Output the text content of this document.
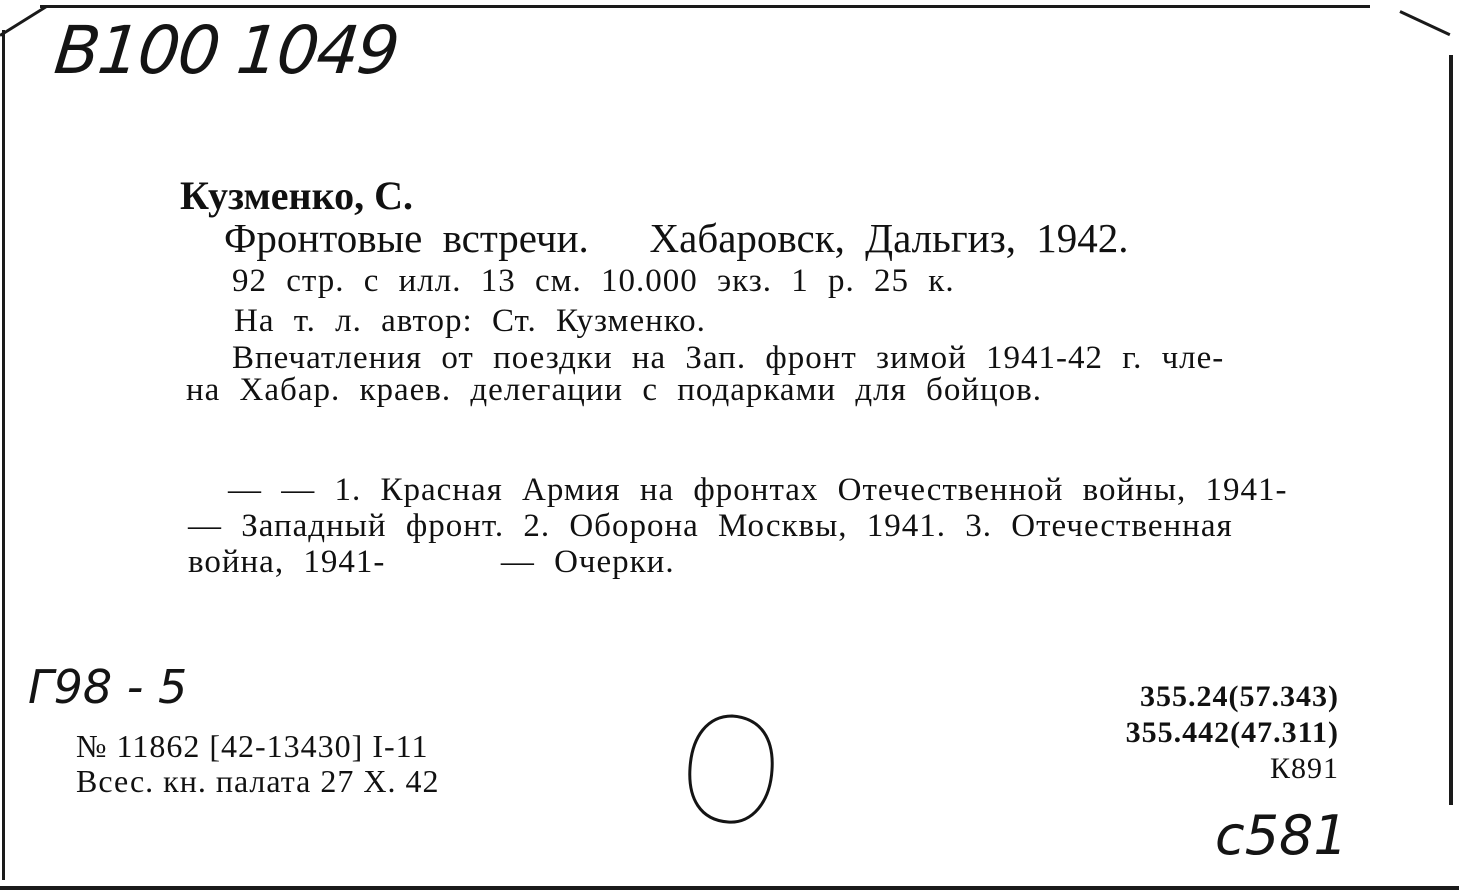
B100 1049
Кузменко, С.
Фронтовые встречи.   Хабаровск, Дальгиз, 1942.
92 стр. с илл. 13 см. 10.000 экз. 1 р. 25 к.
На т. л. автор: Ст. Кузменко.
Впечатления от поездки на Зап. фронт зимой 1941-42 г. чле-
на Хабар. краев. делегации с подарками для бойцов.
— — 1. Красная Армия на фронтах Отечественной войны, 1941-
— Западный фронт. 2. Оборона Москвы, 1941. 3. Отечественная
война, 1941-      — Очерки.
Г98 - 5
№ 11862 [42-13430] I-11
Всес. кн. палата 27 X. 42
355.24(57.343)
355.442(47.311)
К891
с581
